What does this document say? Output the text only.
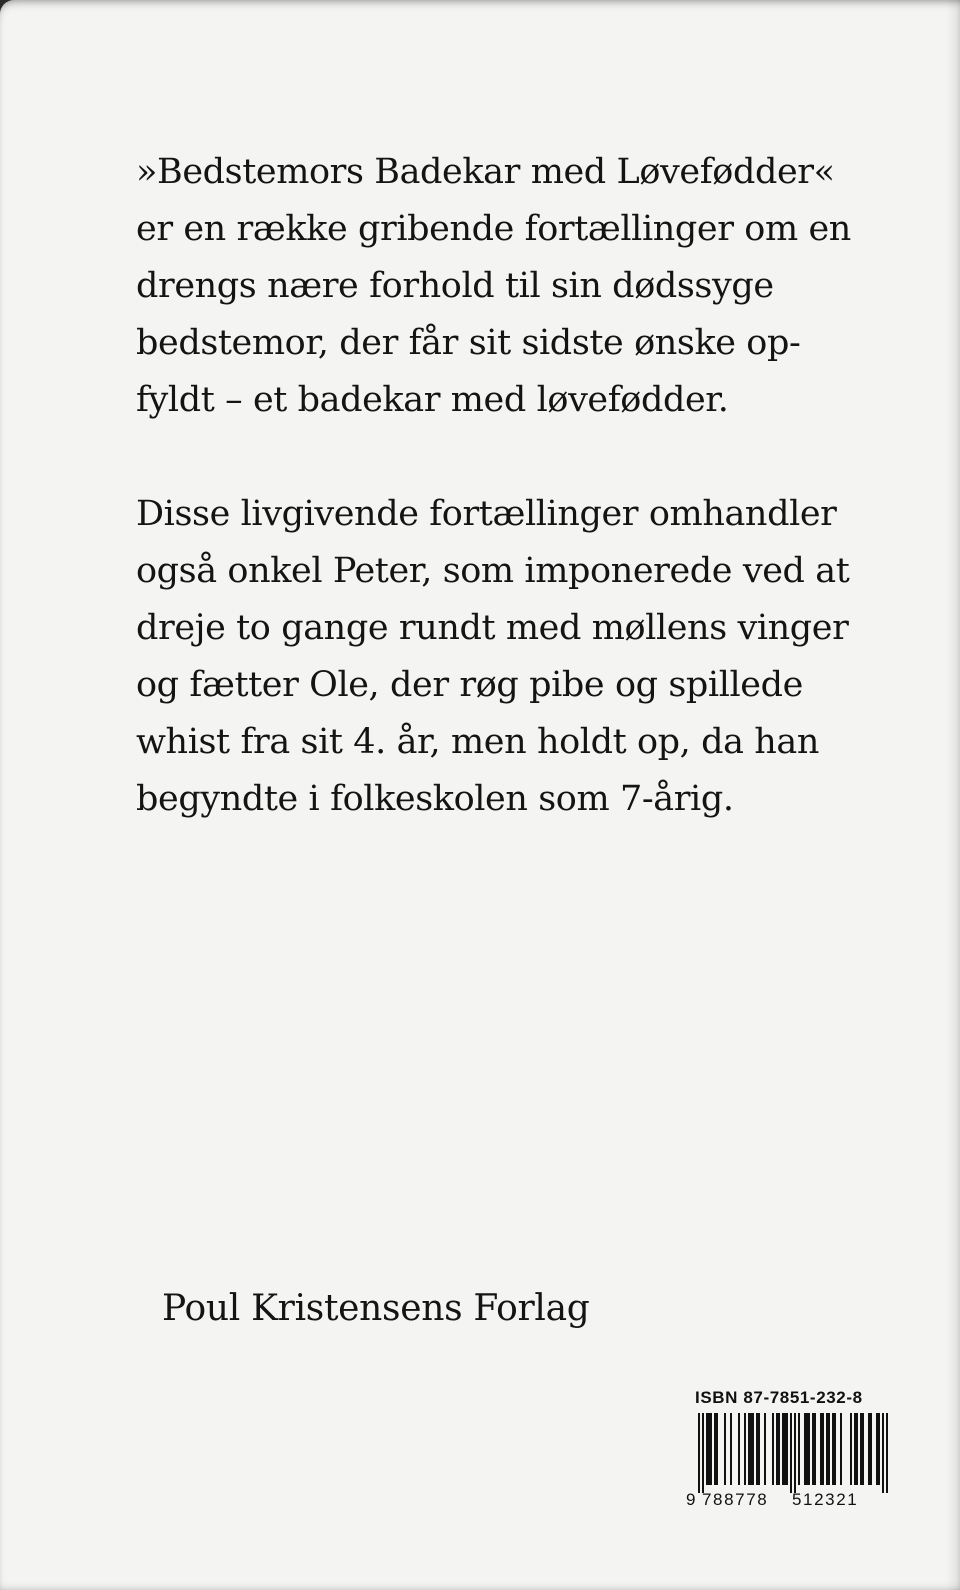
»Bedstemors Badekar med Løvefødder«
er en række gribende fortællinger om en
drengs nære forhold til sin dødssyge
bedstemor, der får sit sidste ønske op-
fyldt – et badekar med løvefødder.

Disse livgivende fortællinger omhandler
også onkel Peter, som imponerede ved at
dreje to gange rundt med møllens vinger
og fætter Ole, der røg pibe og spillede
whist fra sit 4. år, men holdt op, da han
begyndte i folkeskolen som 7-årig.

Poul Kristensens Forlag
ISBN 87-7851-232-8
9 788778 512321
